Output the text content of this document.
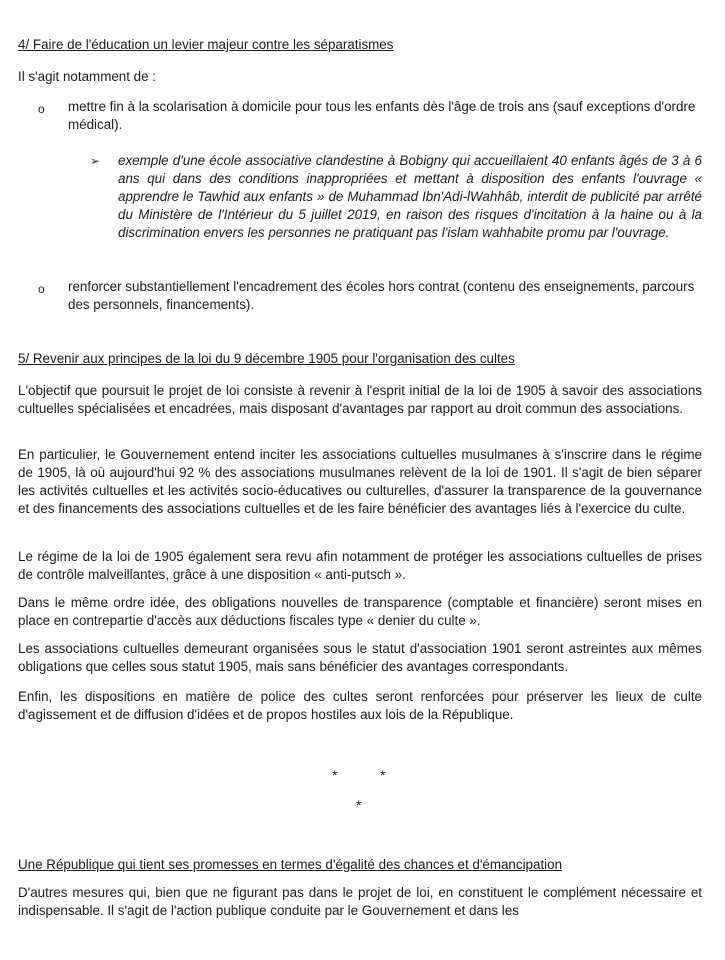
4/ Faire de l'éducation un levier majeur contre les séparatismes

Il s'agit notamment de :

o mettre fin à la scolarisation à domicile pour tous les enfants dès l'âge de trois ans (sauf exceptions d'ordre médical).
➢ exemple d'une école associative clandestine à Bobigny qui accueillaient 40 enfants âgés de 3 à 6 ans qui dans des conditions inappropriées et mettant à disposition des enfants l'ouvrage « apprendre le Tawhid aux enfants » de Muhammad Ibn'Adi-lWahhâb, interdit de publicité par arrêté du Ministère de l'Intérieur du 5 juillet 2019, en raison des risques d'incitation à la haine ou à la discrimination envers les personnes ne pratiquant pas l'islam wahhabite promu par l'ouvrage.
o renforcer substantiellement l'encadrement des écoles hors contrat (contenu des enseignements, parcours des personnels, financements).
5/ Revenir aux principes de la loi du 9 décembre 1905 pour l'organisation des cultes

L'objectif que poursuit le projet de loi consiste à revenir à l'esprit initial de la loi de 1905 à savoir des associations cultuelles spécialisées et encadrées, mais disposant d'avantages par rapport au droit commun des associations.

En particulier, le Gouvernement entend inciter les associations cultuelles musulmanes à s'inscrire dans le régime de 1905, là où aujourd'hui 92 % des associations musulmanes relèvent de la loi de 1901. Il s'agit de bien séparer les activités cultuelles et les activités socio-éducatives ou culturelles, d'assurer la transparence de la gouvernance et des financements des associations cultuelles et de les faire bénéficier des avantages liés à l'exercice du culte.

Le régime de la loi de 1905 également sera revu afin notamment de protéger les associations cultuelles de prises de contrôle malveillantes, grâce à une disposition « anti-putsch ».

Dans le même ordre idée, des obligations nouvelles de transparence (comptable et financière) seront mises en place en contrepartie d'accès aux déductions fiscales type « denier du culte ».

Les associations cultuelles demeurant organisées sous le statut d'association 1901 seront astreintes aux mêmes obligations que celles sous statut 1905, mais sans bénéficier des avantages correspondants.

Enfin, les dispositions en matière de police des cultes seront renforcées pour préserver les lieux de culte d'agissement et de diffusion d'idées et de propos hostiles aux lois de la République.

*	*
*
Une République qui tient ses promesses en termes d'égalité des chances et d'émancipation

D'autres mesures qui, bien que ne figurant pas dans le projet de loi, en constituent le complément nécessaire et indispensable. Il s'agit de l'action publique conduite par le Gouvernement et dans les
